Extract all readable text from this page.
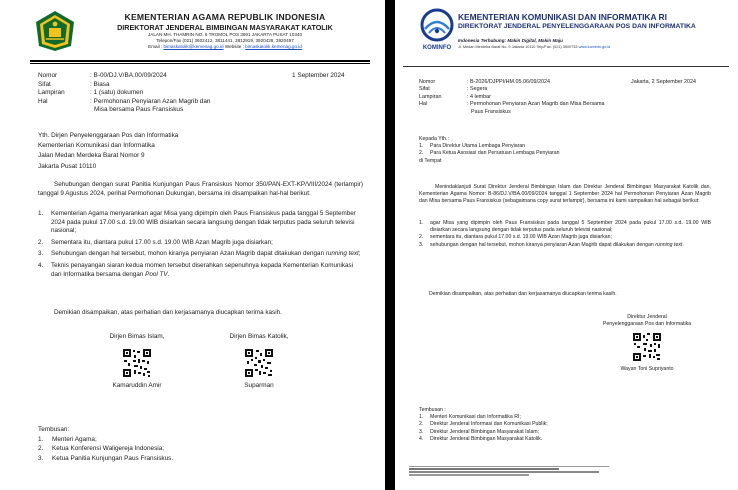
KEMENTERIAN AGAMA REPUBLIK INDONESIA
DIREKTORAT JENDERAL BIMBINGAN MASYARAKAT KATOLIK
JALAN MH. THAMRIN NO. 6 TROMOL POS 3691 JAKARTA PUSAT 10340
Telepon/Fax (021) 3602412, 3811441, 3812919, 3920428, 3920497
Email : bimaskatolik@kemenag.go.id Website : bimaskatolik.kemenag.go.id
Nomor	: B-00/DJ.V/BA.00/09/2024
Sifat	: Biasa
Lampiran	: 1 (satu) dokumen
Hal	: Permohonan Penyiaran Azan Magrib dan
Misa bersama Paus Fransiskus
1 September 2024
Yth. Dirjen Penyelenggaraan Pos dan Informatika
Kementerian Komunikasi dan Informatika
Jalan Medan Merdeka Barat Nomor 9
Jakarta Pusat 10110
Sehubungan dengan surat Panitia Kunjungan Paus Fransiskus Nomor 350/PAN-EXT-KP/VIII/2024 (terlampir) tanggal 9 Agustus 2024, perihal Permohonan Dukungan, bersama ini disampaikan hal-hal berikut:
1.	Kementerian Agama menyarankan agar Misa yang dipimpin oleh Paus Fransiskus pada tanggal 5 September 2024 pada pukul 17.00 s.d. 19.00 WIB disiarkan secara langsung dengan tidak terputus pada seluruh televisi nasional;
2.	Sementara itu, diantara pukul 17.00 s.d. 19.00 WIB Azan Magrib juga disiarkan;
3.	Sehubungan dengan hal tersebut, mohon kiranya penyiaran Azan Magrib dapat ditakukan dengan running text;
4.	Teknis penayangan siaran kedua momen tersebut diserahkan sepenuhnya kepada Kementerian Komunikasi dan Informatika bersama dengan Pool TV.
Demikian disampaikan, atas perhatian dan kerjasamanya diucapkan terima kasih.
Dirjen Bimas Islam,
Kamaruddin Amir
Dirjen Bimas Katolik,
Suparman
Tembusan:
1.	Menteri Agama;
2.	Ketua Konferensi Waligereja Indonesia;
3.	Ketua Panitia Kunjungan Paus Fransiskus.
KOMINFO
KEMENTERIAN KOMUNIKASI DAN INFORMATIKA RI
DIREKTORAT JENDERAL PENYELENGGARAAN POS DAN INFORMATIKA
Indonesia Terhubung: Makin Digital, Makin Maju
Jl. Medan Merdeka Barat No. 9 Jakarta 10110 Telp/Fax. (021) 3500733 www.kominfo.go.id
Nomor	: B-2026/DJPPI/HM.05.06/09/2024
Sifat	: Segera
Lampiran	: 4 lembar
Hal	: Permohonan Penyiaran Azan Magrib dan Misa Bersama
Paus Fransiskus
Jakarta, 2 September 2024
Kepada Yth.:
1.	Para Direktur Utama Lembaga Penyiaran
2.	Para Ketua Asosiasi dan Persatuan Lembaga Penyiaran
di Tempat
Menindaklanjuti Surat Direktur Jenderal Bimbingan Islam dan Direktur Jenderal Bimbingan Masyarakat Katolik dan, Kementerian Agama Nomor: B-86/DJ.V/BA.00/09/2024 tanggal 1 September 2024 hal Permohonan Penyiaran Azan Magrib dan Misa bersama Paus Fransiskus (sebagaimana copy surat terlampir), bersama ini kami sampaikan hal sebagai berikut:
1.	agar Misa yang dipimpin oleh Paus Fransiskus pada tanggal 5 September 2024 pada pukul 17.00 s.d. 19.00 WIB disiarkan secara langsung dengan tidak terputus pada seluruh televisi nasional;
2.	sementara itu, diantara pukul 17.00 s.d. 19.00 WIB Azan Magrib juga disiarkan;
3.	sehubungan dengan hal tersebut, mohon kiranya penyiaran Azan Magrib dapat dilakukan dengan running text.
Demikian disampaikan, atas perhatian dan kerjasamanya diucapkan terima kasih.
Direktur Jenderal
Penyelenggaraan Pos dan Informatika
Wayan Toni Supriyanto
Tembusan :
1.	Menteri Komunikasi dan Informatika RI;
2.	Direktur Jenderal Informasi dan Komunikasi Publik;
3.	Direktur Jenderal Bimbingan Masyarakat Islam;
4.	Direktur Jenderal Bimbingan Masyarakat Katolik.
